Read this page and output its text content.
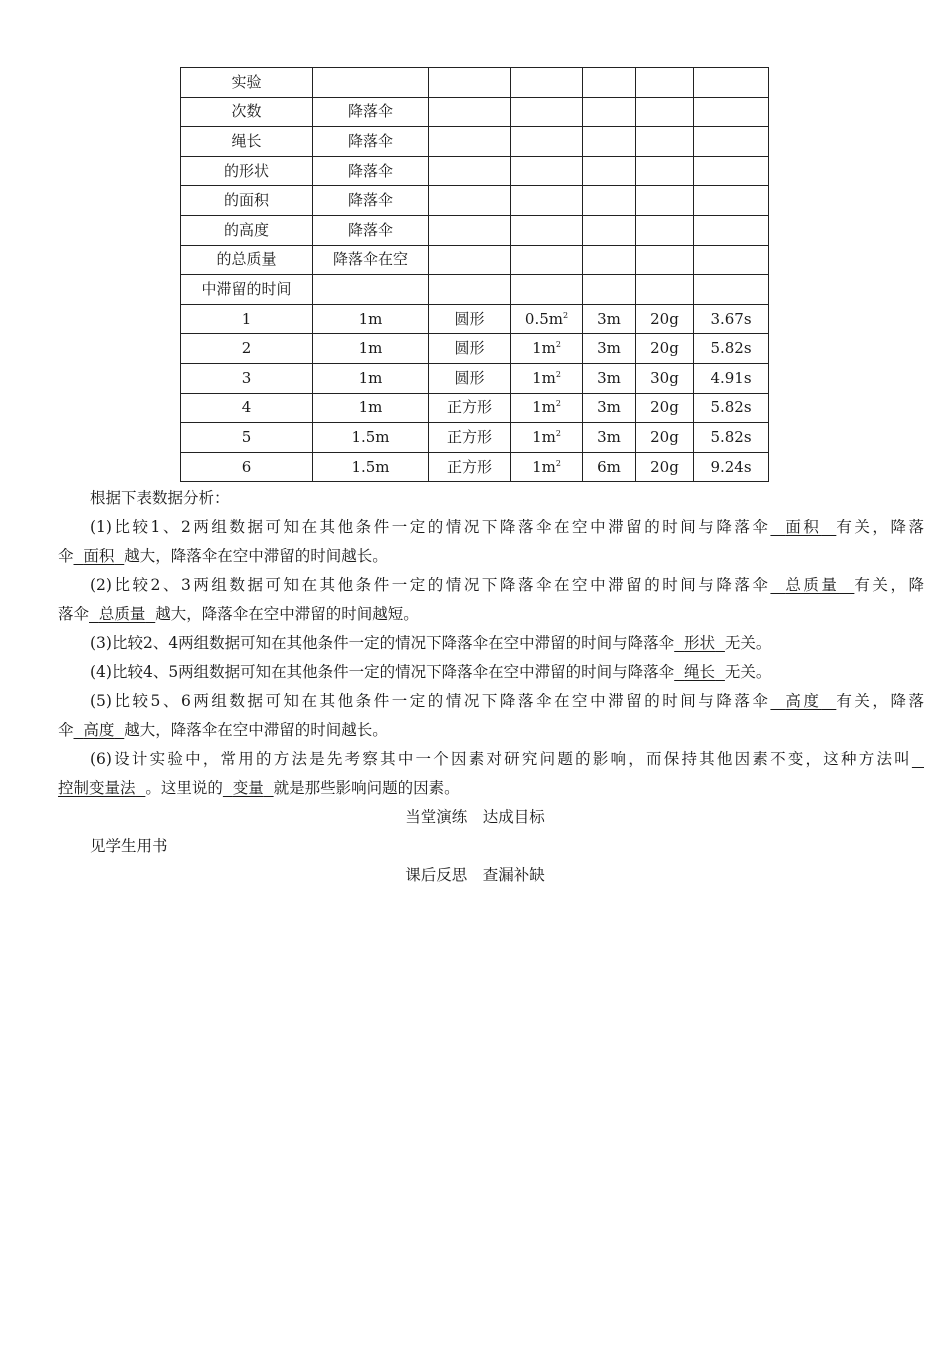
实验						
次数	降落伞					
绳长	降落伞					
的形状	降落伞					
的面积	降落伞					
的高度	降落伞					
的总质量	降落伞在空					
中滞留的时间						
1	1m	圆形	$0.5m^2$	3m	20g	3.67s
2	1m	圆形	$1m^2$	3m	20g	5.82s
3	1m	圆形	$1m^2$	3m	30g	4.91s
4	1m	正方形	$1m^2$	3m	20g	5.82s
5	1.5m	正方形	$1m^2$	3m	20g	5.82s
6	1.5m	正方形	$1m^2$	6m	20g	9.24s
根据下表数据分析：
(1)比较1、2两组数据可知在其他条件一定的情况下降落伞在空中滞留的时间与降落伞 面积 有关，降落
伞 面积 越大，降落伞在空中滞留的时间越长。
(2)比较2、3两组数据可知在其他条件一定的情况下降落伞在空中滞留的时间与降落伞 总质量 有关，降
落伞 总质量 越大，降落伞在空中滞留的时间越短。
(3)比较2、4两组数据可知在其他条件一定的情况下降落伞在空中滞留的时间与降落伞 形状 无关。
(4)比较4、5两组数据可知在其他条件一定的情况下降落伞在空中滞留的时间与降落伞 绳长 无关。
(5)比较5、6两组数据可知在其他条件一定的情况下降落伞在空中滞留的时间与降落伞 高度 有关，降落
伞 高度 越大，降落伞在空中滞留的时间越长。
(6)设计实验中，常用的方法是先考察其中一个因素对研究问题的影响，而保持其他因素不变，这种方法叫
控制变量法 。这里说的 变量 就是那些影响问题的因素。
当堂演练　达成目标
见学生用书
课后反思　查漏补缺
